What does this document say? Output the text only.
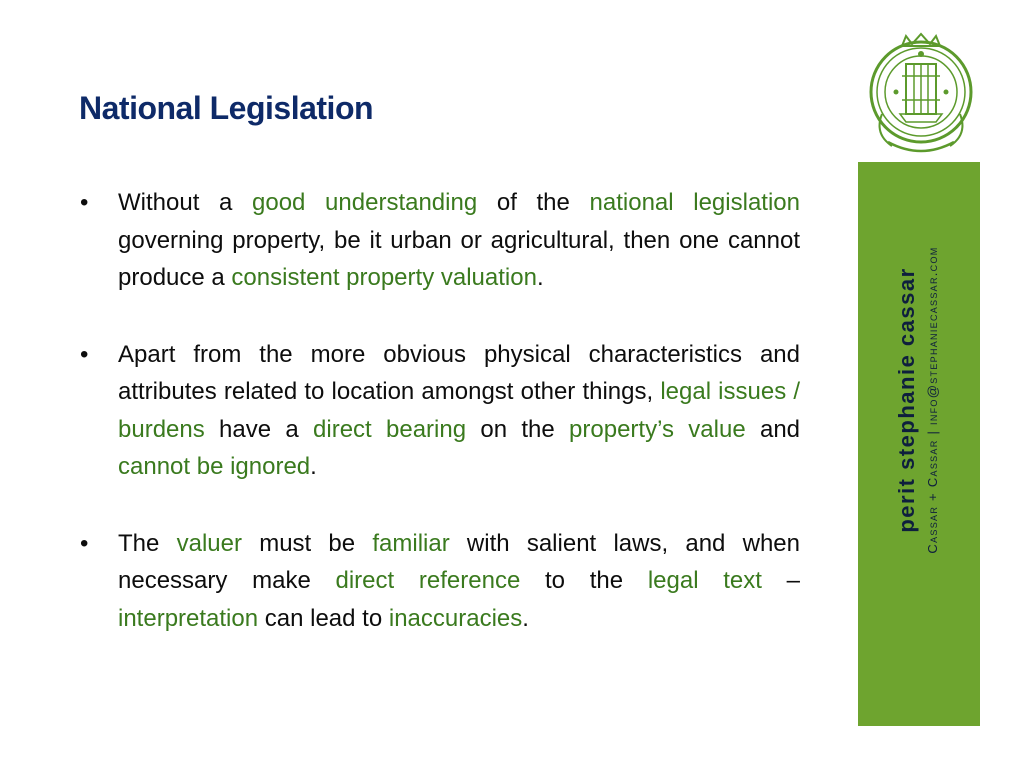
National Legislation
• Without a good understanding of the national legislation governing property, be it urban or agricultural, then one cannot produce a consistent property valuation.
• Apart from the more obvious physical characteristics and attributes related to location amongst other things, legal issues / burdens have a direct bearing on the property’s value and cannot be ignored.
• The valuer must be familiar with salient laws, and when necessary make direct reference to the legal text – interpretation can lead to inaccuracies.
perit stephanie cassar Cassar + Cassar | info@stephaniecassar.com
